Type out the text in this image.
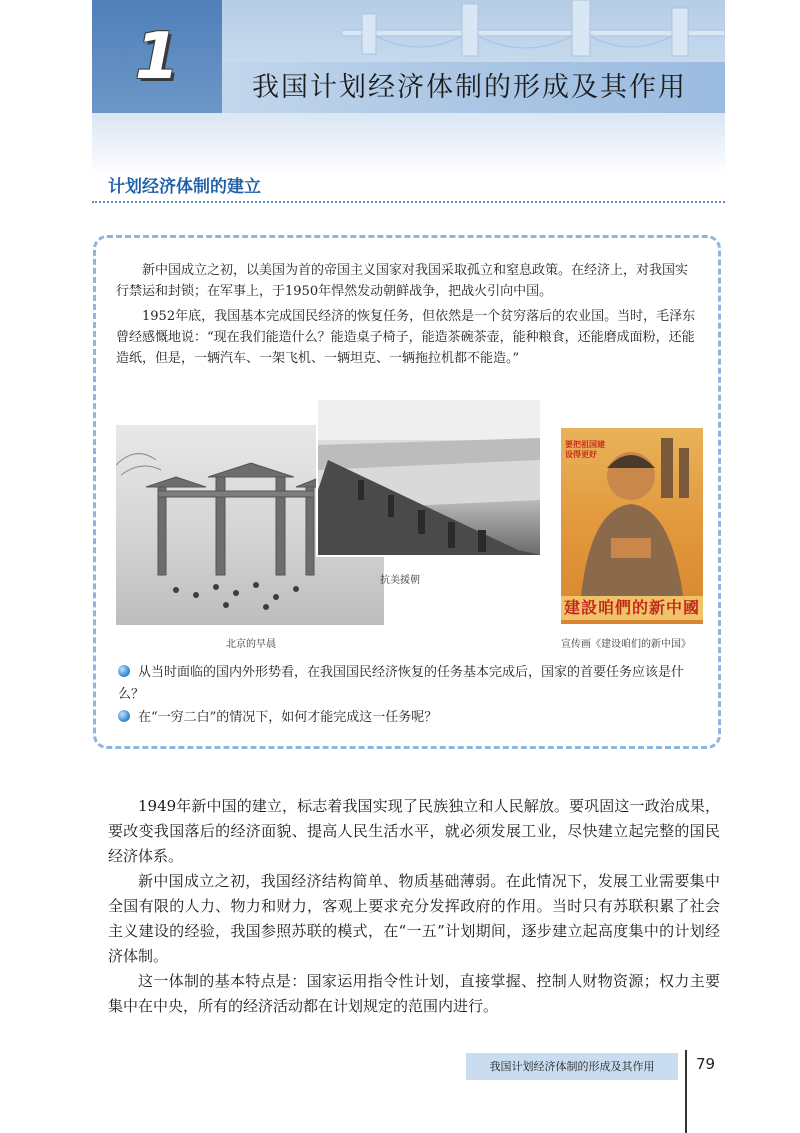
1	我国计划经济体制的形成及其作用
计划经济体制的建立

新中国成立之初，以美国为首的帝国主义国家对我国采取孤立和窒息政策。在经济上，对我国实行禁运和封锁；在军事上，于1950年悍然发动朝鲜战争，把战火引向中国。

1952年底，我国基本完成国民经济的恢复任务，但依然是一个贫穷落后的农业国。当时，毛泽东曾经感慨地说：“现在我们能造什么？能造桌子椅子，能造茶碗茶壶，能种粮食，还能磨成面粉，还能造纸，但是，一辆汽车、一架飞机、一辆坦克、一辆拖拉机都不能造。”

抗美援朝
要把祖国建设得更好
建設咱們的新中國
北京的早晨	宣传画《建设咱们的新中国》
从当时面临的国内外形势看，在我国国民经济恢复的任务基本完成后，国家的首要任务应该是什么？
在“一穷二白”的情况下，如何才能完成这一任务呢？

1949年新中国的建立，标志着我国实现了民族独立和人民解放。要巩固这一政治成果，要改变我国落后的经济面貌、提高人民生活水平，就必须发展工业，尽快建立起完整的国民经济体系。

新中国成立之初，我国经济结构简单、物质基础薄弱。在此情况下，发展工业需要集中全国有限的人力、物力和财力，客观上要求充分发挥政府的作用。当时只有苏联积累了社会主义建设的经验，我国参照苏联的模式，在“一五”计划期间，逐步建立起高度集中的计划经济体制。

这一体制的基本特点是：国家运用指令性计划，直接掌握、控制人财物资源；权力主要集中在中央，所有的经济活动都在计划规定的范围内进行。

我国计划经济体制的形成及其作用	79
